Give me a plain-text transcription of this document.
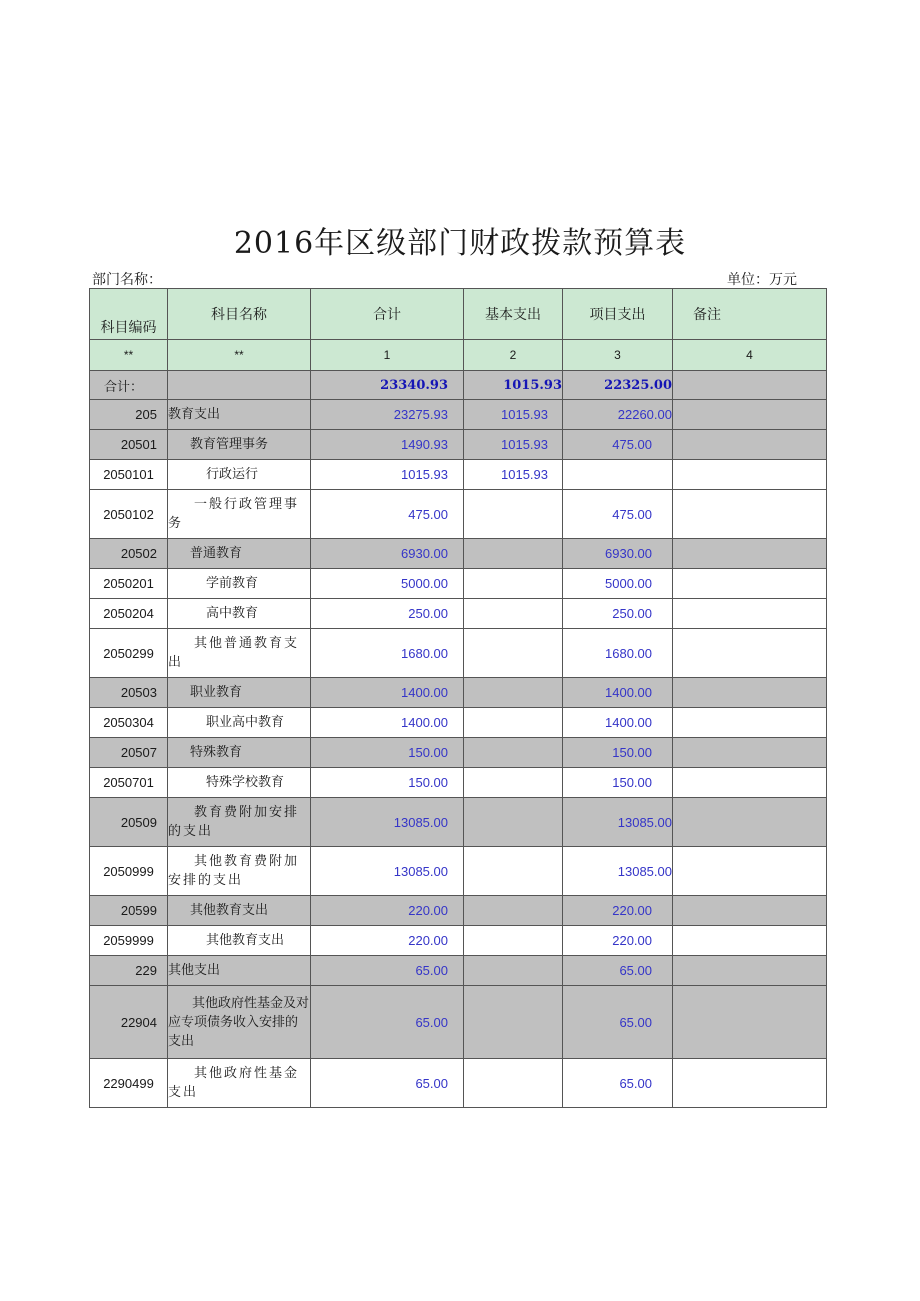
2016年区级部门财政拨款预算表
部门名称：	单位：万元
科目编码	科目名称	合计	基本支出	项目支出	备注
**	**	1	2	3	4
合计：		23340.93	1015.93	22325.00	
205	教育支出	23275.93	1015.93	22260.00	
20501	教育管理事务	1490.93	1015.93	475.00	
2050101	行政运行	1015.93	1015.93		
2050102	一般行政管理事务	475.00		475.00	
20502	普通教育	6930.00		6930.00	
2050201	学前教育	5000.00		5000.00	
2050204	高中教育	250.00		250.00	
2050299	其他普通教育支出	1680.00		1680.00	
20503	职业教育	1400.00		1400.00	
2050304	职业高中教育	1400.00		1400.00	
20507	特殊教育	150.00		150.00	
2050701	特殊学校教育	150.00		150.00	
20509	教育费附加安排的支出	13085.00		13085.00	
2050999	其他教育费附加安排的支出	13085.00		13085.00	
20599	其他教育支出	220.00		220.00	
2059999	其他教育支出	220.00		220.00	
229	其他支出	65.00		65.00	
22904	其他政府性基金及对应专项债务收入安排的支出	65.00		65.00	
2290499	其他政府性基金支出	65.00		65.00	
